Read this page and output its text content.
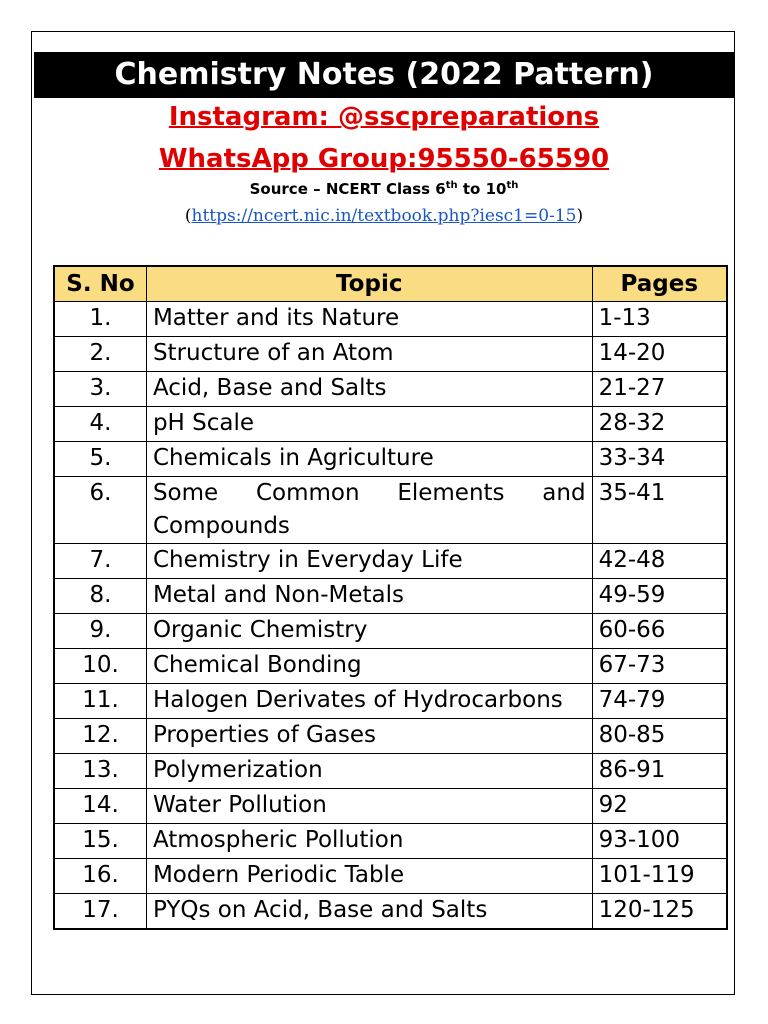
Chemistry Notes (2022 Pattern)
Instagram: @sscpreparations
WhatsApp Group:95550-65590
Source – NCERT Class 6th to 10th
(https://ncert.nic.in/textbook.php?iesc1=0-15)
S. No	Topic	Pages
1.	Matter and its Nature	1-13
2.	Structure of an Atom	14-20
3.	Acid, Base and Salts	21-27
4.	pH Scale	28-32
5.	Chemicals in Agriculture	33-34
6.	Some Common Elements and Compounds	35-41
7.	Chemistry in Everyday Life	42-48
8.	Metal and Non-Metals	49-59
9.	Organic Chemistry	60-66
10.	Chemical Bonding	67-73
11.	Halogen Derivates of Hydrocarbons	74-79
12.	Properties of Gases	80-85
13.	Polymerization	86-91
14.	Water Pollution	92
15.	Atmospheric Pollution	93-100
16.	Modern Periodic Table	101-119
17.	PYQs on Acid, Base and Salts	120-125
